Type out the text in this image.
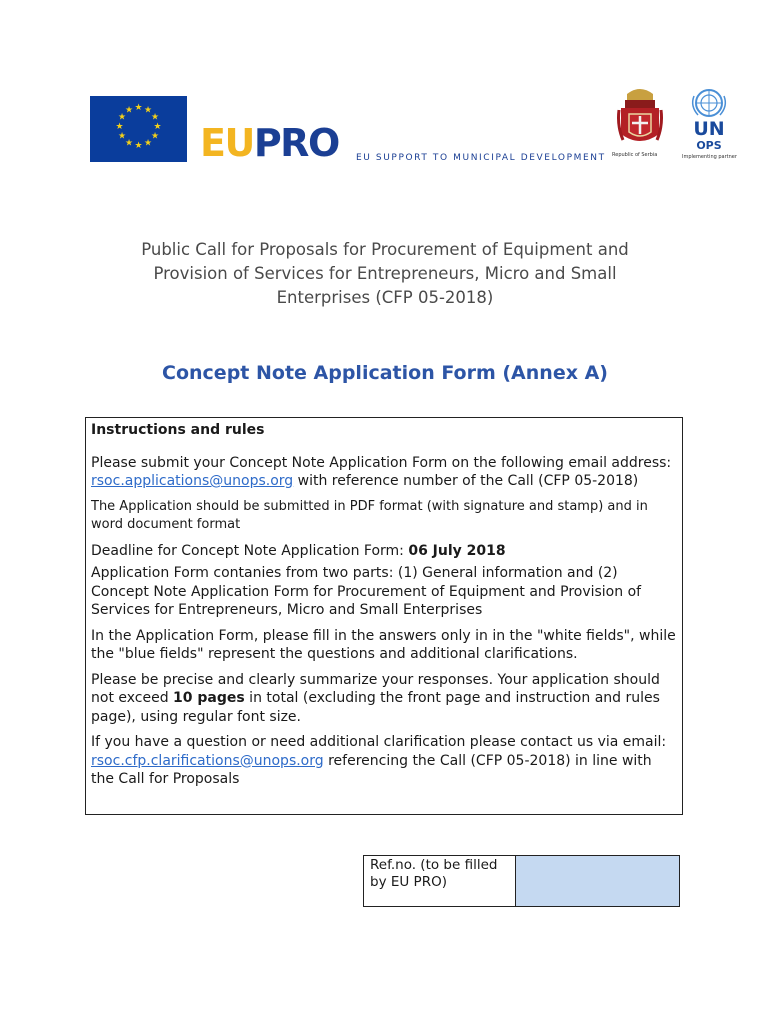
★ ★
★
★
★
★
★
★
★
★
★
★
EUPRO EU SUPPORT TO MUNICIPAL DEVELOPMENT Republic of Serbia
UN
OPS
Implementing partner
Public Call for Proposals for Procurement of Equipment and
Provision of Services for Entrepreneurs, Micro and Small
Enterprises (CFP 05-2018)
Concept Note Application Form (Annex A)

Instructions and rules

Please submit your Concept Note Application Form on the following email address: rsoc.applications@unops.org with reference number of the Call (CFP 05-2018)

The Application should be submitted in PDF format (with signature and stamp) and in word document format

Deadline for Concept Note Application Form: 06 July 2018

Application Form contanies from two parts: (1) General information and (2) Concept Note Application Form for Procurement of Equipment and Provision of Services for Entrepreneurs, Micro and Small Enterprises

In the Application Form, please fill in the answers only in in the "white fields", while the "blue fields" represent the questions and additional clarifications.

Please be precise and clearly summarize your responses. Your application should not exceed 10 pages in total (excluding the front page and instruction and rules page), using regular font size.

If you have a question or need additional clarification please contact us via email: rsoc.cfp.clarifications@unops.org referencing the Call (CFP 05-2018) in line with the Call for Proposals

Ref.no. (to be filled by EU PRO)
